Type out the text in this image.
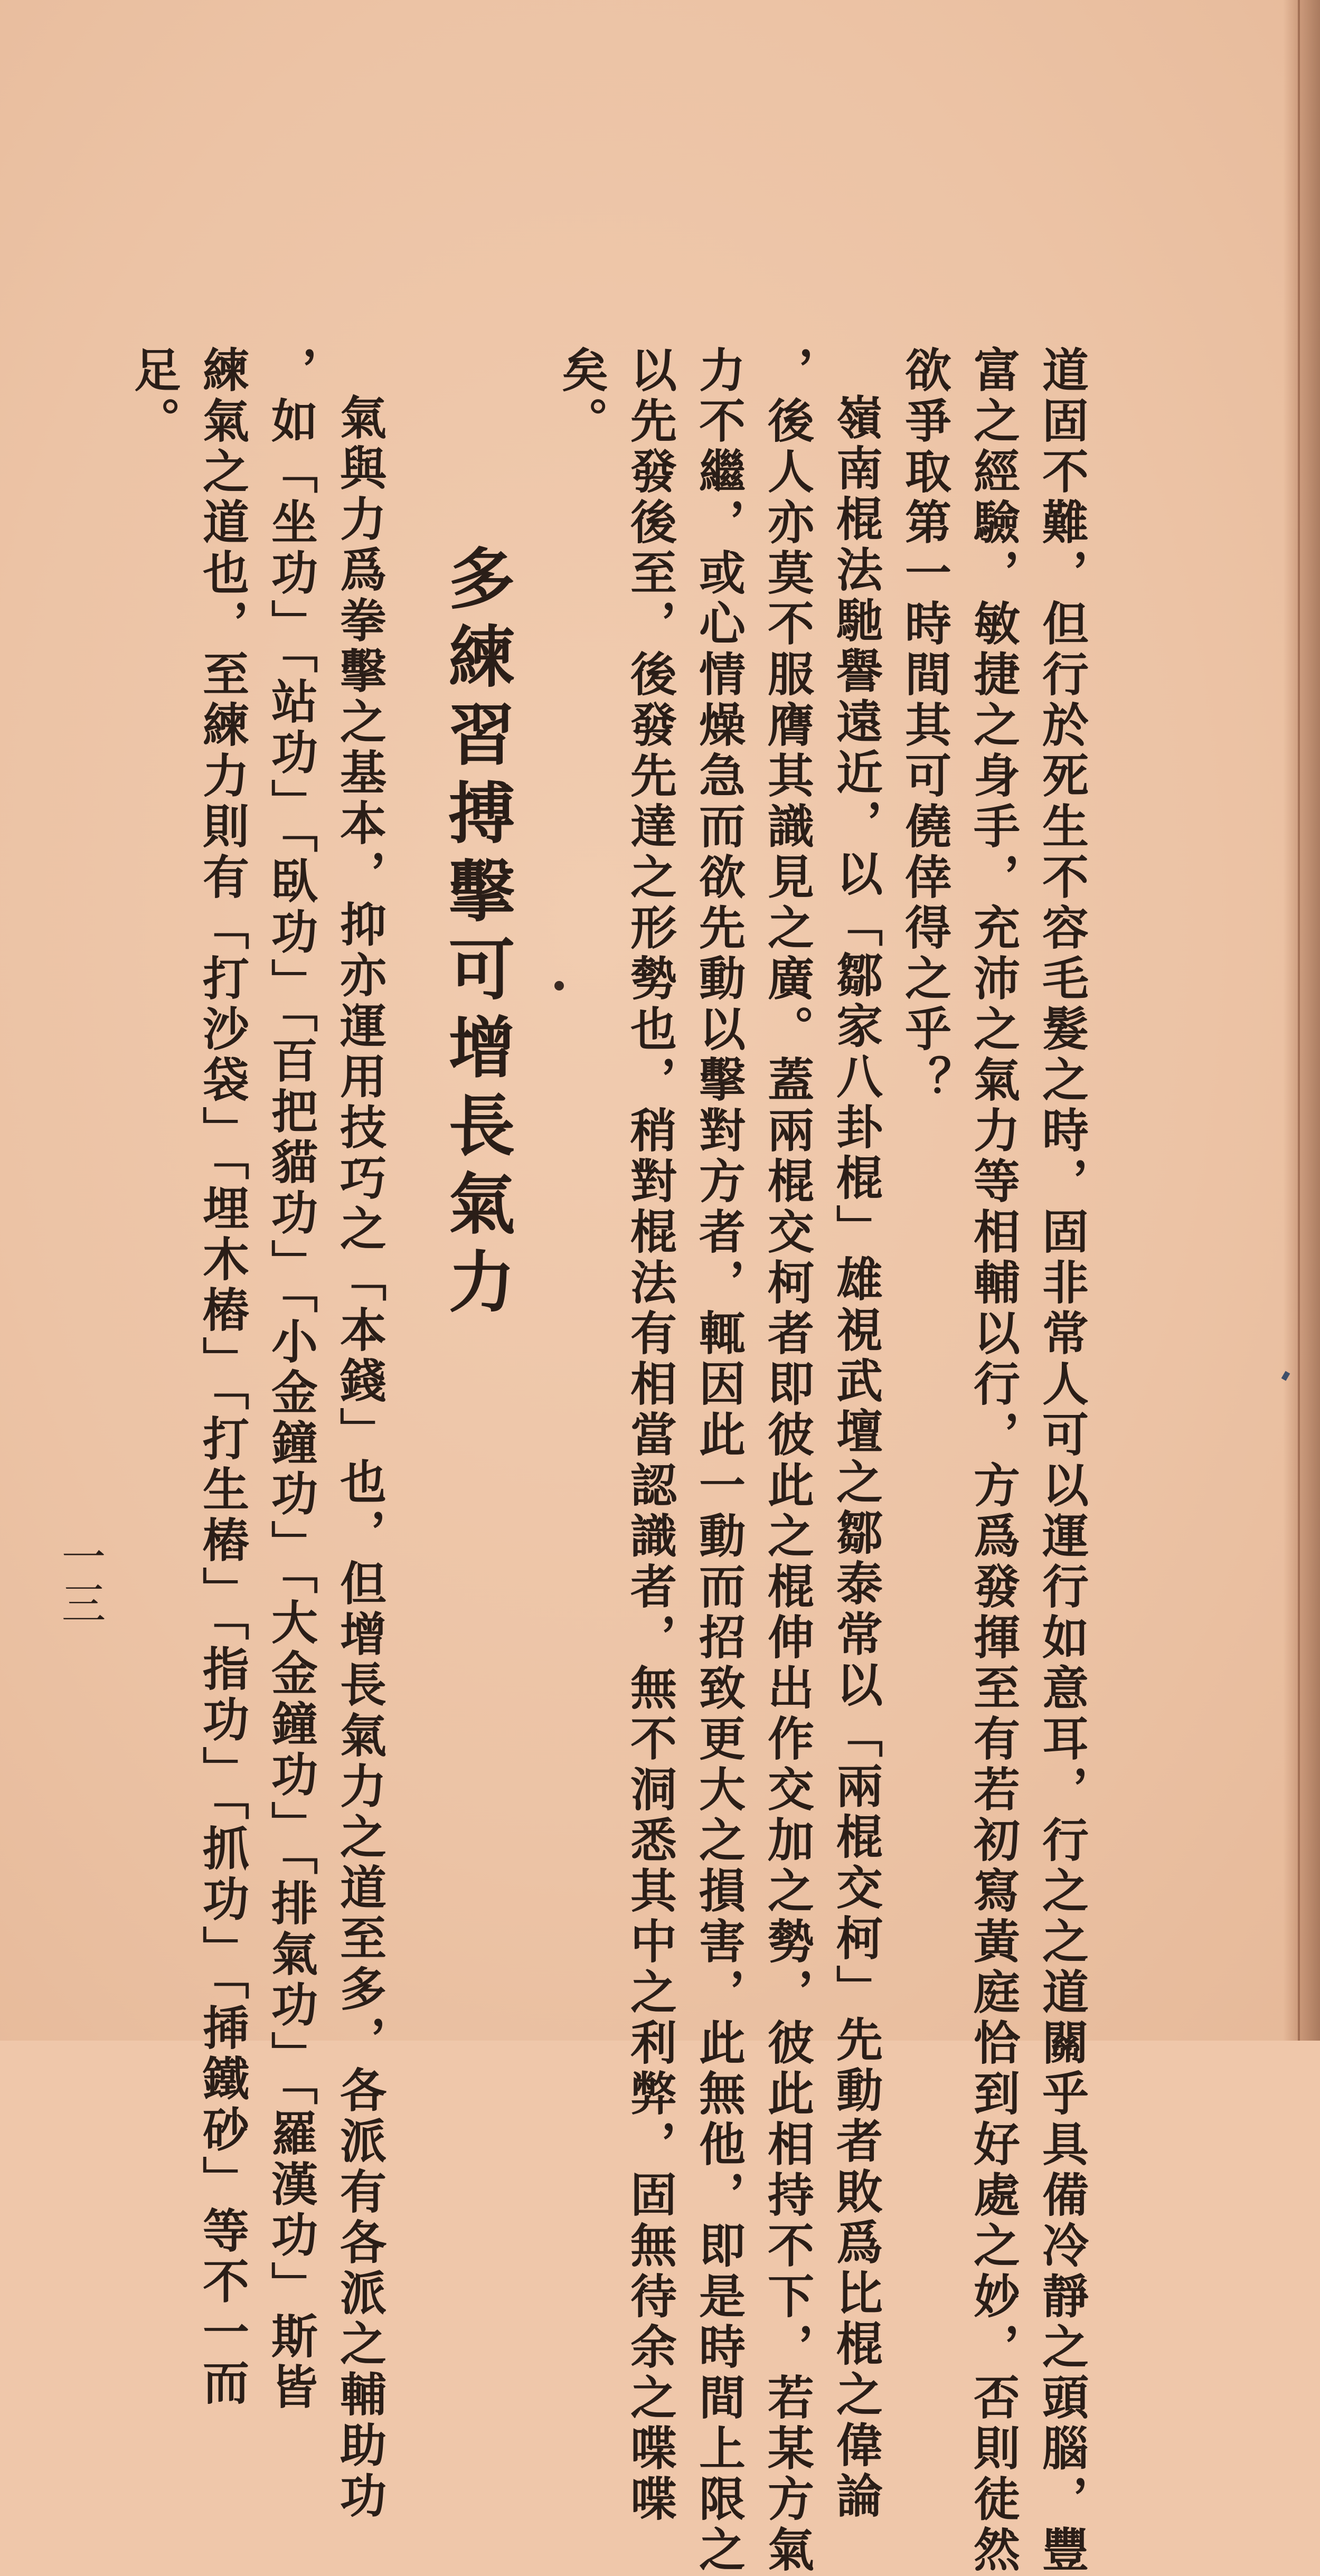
道固不難，但行於死生不容毛髮之時，固非常人可以運行如意耳，行之之道關乎具備冷靜之頭腦，豐
富之經驗，敏捷之身手，充沛之氣力等相輔以行，方爲發揮至有若初寫黃庭恰到好處之妙，否則徒然
欲爭取第一時間其可僥倖得之乎？
嶺南棍法馳譽遠近，以「鄒家八卦棍」雄視武壇之鄒泰常以「兩棍交柯」先動者敗爲比棍之偉論
，後人亦莫不服膺其識見之廣。蓋兩棍交柯者即彼此之棍伸出作交加之勢，彼此相持不下，若某方氣
力不繼，或心情燥急而欲先動以擊對方者，輒因此一動而招致更大之損害，此無他，即是時間上限之
以先發後至，後發先達之形勢也，稍對棍法有相當認識者，無不洞悉其中之利弊，固無待余之喋喋
矣。
多練習搏擊可增長氣力
氣與力爲拳擊之基本，抑亦運用技巧之「本錢」也，但增長氣力之道至多，各派有各派之輔助功
，如「坐功」「站功」「臥功」「百把貓功」「小金鐘功」「大金鐘功」「排氣功」「羅漢功」斯皆
練氣之道也，至練力則有「打沙袋」「埋木樁」「打生樁」「指功」「抓功」「揷鐵砂」等不一而
足。
一三
